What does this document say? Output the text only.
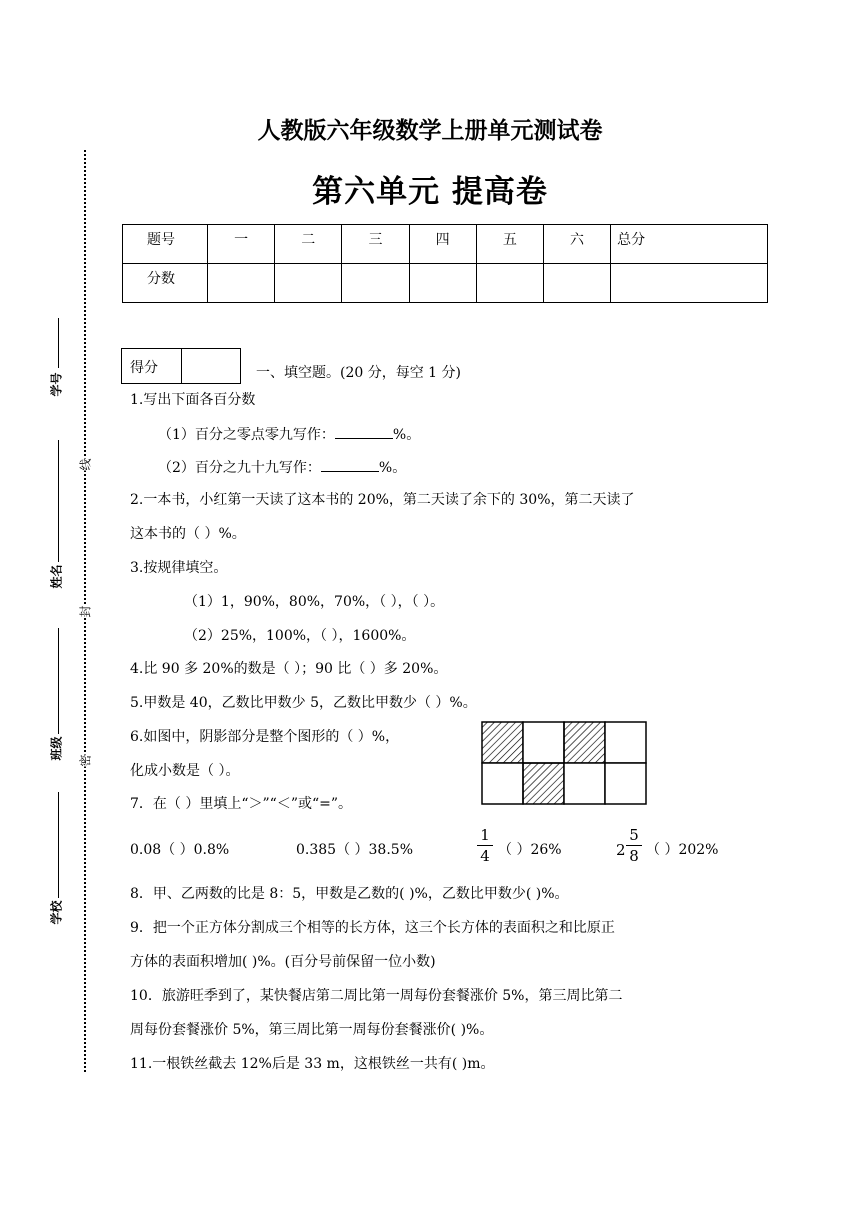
人教版六年级数学上册单元测试卷
第六单元 提高卷
题号	一	二	三	四	五	六	总分
分数							
得分	一、填空题。(20 分，每空 1 分)
1.写出下面各百分数
（1）百分之零点零九写作：	%。
（2）百分之九十九写作：	%。
2.一本书，小红第一天读了这本书的 20%，第二天读了余下的 30%，第二天读了
这本书的（ ）%。
3.按规律填空。
（1）1，90%，80%，70%，（ ），（ ）。
（2）25%，100%，（ ），1600%。
4.比 90 多 20%的数是（ ）；90 比（ ）多 20%。
5.甲数是 40，乙数比甲数少 5，乙数比甲数少（ ）%。
6.如图中，阴影部分是整个图形的（ ）%，
化成小数是（ ）。
7．在（ ）里填上“＞”“＜”或“=”。
0.08（ ）0.8%	0.385（ ）38.5%
1
4 （ ）26%	2
5
8 （ ）202%
8．甲、乙两数的比是 8：5，甲数是乙数的( )%，乙数比甲数少( )%。
9．把一个正方体分割成三个相等的长方体，这三个长方体的表面积之和比原正
方体的表面积增加( )%。(百分号前保留一位小数)
10．旅游旺季到了，某快餐店第二周比第一周每份套餐涨价 5%，第三周比第二
周每份套餐涨价 5%，第三周比第一周每份套餐涨价( )%。
11.一根铁丝截去 12%后是 33 m，这根铁丝一共有( )m。
学号
姓名
班级
学校
线
封
密
